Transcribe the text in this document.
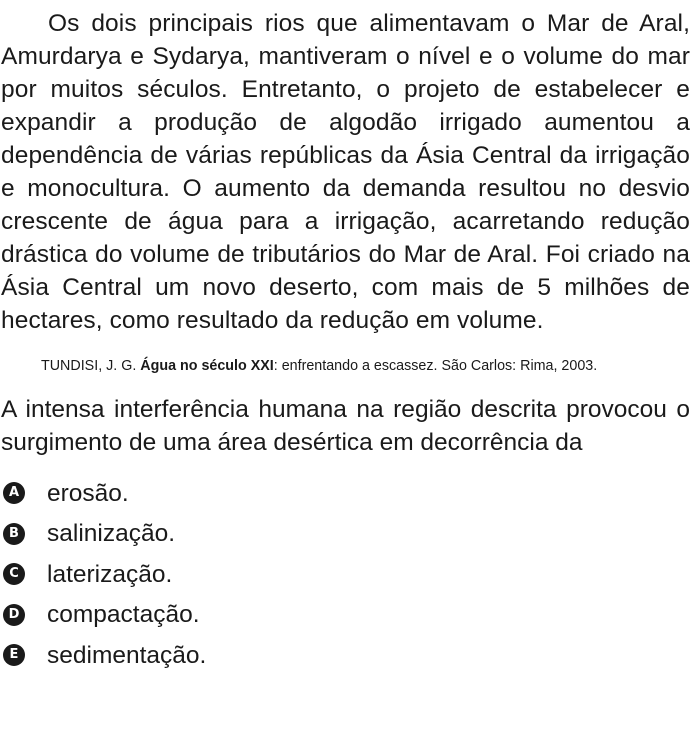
Os dois principais rios que alimentavam o Mar de Aral, Amurdarya e Sydarya, mantiveram o nível e o volume do mar por muitos séculos. Entretanto, o projeto de estabelecer e expandir a produção de algodão irrigado aumentou a dependência de várias repúblicas da Ásia Central da irrigação e monocultura. O aumento da demanda resultou no desvio crescente de água para a irrigação, acarretando redução drástica do volume de tributários do Mar de Aral. Foi criado na Ásia Central um novo deserto, com mais de 5 milhões de hectares, como resultado da redução em volume.

TUNDISI, J. G. Água no século XXI: enfrentando a escassez. São Carlos: Rima, 2003.

A intensa interferência humana na região descrita provocou o surgimento de uma área desértica em decorrência da

A erosão.
B salinização.
C laterização.
D compactação.
E sedimentação.
